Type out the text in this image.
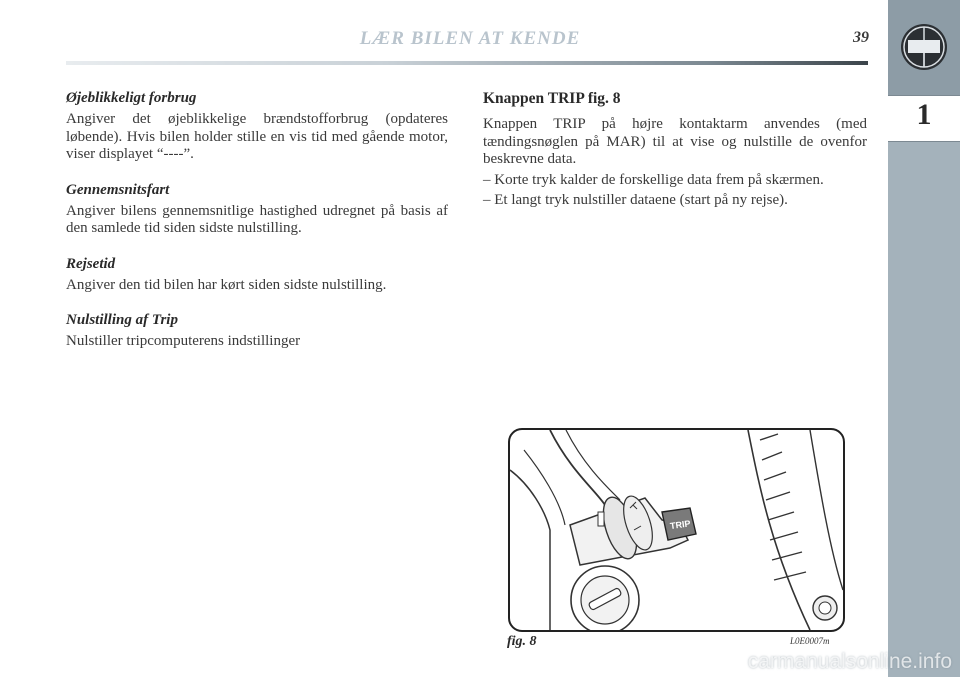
LÆR BILEN AT KENDE	39
1
Øjeblikkeligt forbrug

Angiver det øjeblikkelige brændstofforbrug (opdateres løbende). Hvis bilen holder stille en vis tid med gående motor, viser displayet “----”.

Gennemsnitsfart

Angiver bilens gennemsnitlige hastighed udregnet på basis af den samlede tid siden sidste nulstilling.

Rejsetid

Angiver den tid bilen har kørt siden sidste nulstilling.

Nulstilling af Trip

Nulstiller tripcomputerens indstillinger

Knappen TRIP fig. 8

Knappen TRIP på højre kontaktarm anvendes (med tændingsnøglen på MAR) til at vise og nulstille de ovenfor beskrevne data.

– Korte tryk kalder de forskellige data frem på skærmen.

– Et langt tryk nulstiller dataene (start på ny rejse).

TRIP
fig. 8	L0E0007m
carmanualsonline.info
